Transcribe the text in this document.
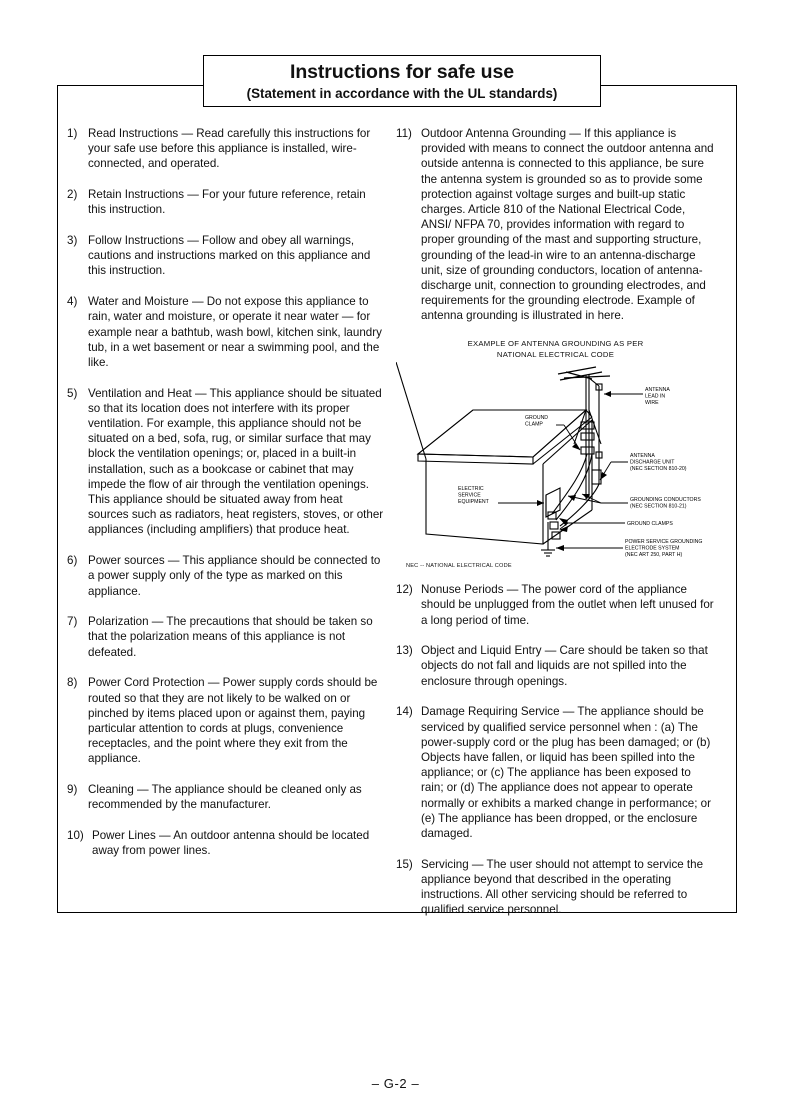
1) Read Instructions — Read carefully this instructions for your safe use before this appliance is installed, wire-connected, and operated.
2) Retain Instructions — For your future reference, retain this instruction.
3) Follow Instructions — Follow and obey all warnings, cautions and instructions marked on this appliance and this instruction.
4) Water and Moisture — Do not expose this appliance to rain, water and moisture, or operate it near water — for example near a bathtub, wash bowl, kitchen sink, laundry tub, in a wet basement or near a swimming pool, and the like.
5) Ventilation and Heat — This appliance should be situated so that its location does not interfere with its proper ventilation. For example, this appliance should not be situated on a bed, sofa, rug, or similar surface that may block the ventilation openings; or, placed in a built-in installation, such as a bookcase or cabinet that may impede the flow of air through the ventilation openings. This appliance should be situated away from heat sources such as radiators, heat registers, stoves, or other appliances (including amplifiers) that produce heat.
6) Power sources — This appliance should be connected to a power supply only of the type as marked on this appliance.
7) Polarization — The precautions that should be taken so that the polarization means of this appliance is not defeated.
8) Power Cord Protection — Power supply cords should be routed so that they are not likely to be walked on or pinched by items placed upon or against them, paying particular attention to cords at plugs, convenience receptacles, and the point where they exit from the appliance.
9) Cleaning — The appliance should be cleaned only as recommended by the manufacturer.
10) Power Lines — An outdoor antenna should be located away from power lines.
11) Outdoor Antenna Grounding — If this appliance is provided with means to connect the outdoor antenna and outside antenna is connected to this appliance, be sure the antenna system is grounded so as to provide some protection against voltage surges and built-up static charges. Article 810 of the National Electrical Code, ANSI/ NFPA 70, provides information with regard to proper grounding of the mast and supporting structure, grounding of the lead-in wire to an antenna-discharge unit, size of grounding conductors, location of antenna-discharge unit, connection to grounding electrodes, and requirements for the grounding electrode. Example of antenna grounding is illustrated in here.
EXAMPLE OF ANTENNA GROUNDING AS PER
NATIONAL ELECTRICAL CODE
ANTENNA
LEAD IN
WIRE
GROUND
CLAMP
ANTENNA
DISCHARGE UNIT
(NEC SECTION 810-20)
ELECTRIC
SERVICE
EQUIPMENT	GROUNDING CONDUCTORS
(NEC SECTION 810-21)
GROUND CLAMPS
POWER SERVICE GROUNDING
ELECTRODE SYSTEM
(NEC ART 250, PART H)
NEC -- NATIONAL ELECTRICAL CODE
12) Nonuse Periods — The power cord of the appliance should be unplugged from the outlet when left unused for a long period of time.
13) Object and Liquid Entry — Care should be taken so that objects do not fall and liquids are not spilled into the enclosure through openings.
14) Damage Requiring Service — The appliance should be serviced by qualified service personnel when : (a) The power-supply cord or the plug has been damaged; or (b) Objects have fallen, or liquid has been spilled into the appliance; or (c) The appliance has been exposed to rain; or (d) The appliance does not appear to operate normally or exhibits a marked change in performance; or (e) The appliance has been dropped, or the enclosure damaged.
15) Servicing — The user should not attempt to service the appliance beyond that described in the operating instructions. All other servicing should be referred to qualified service personnel.
Instructions for safe use
(Statement in accordance with the UL standards)
– G-2 –
